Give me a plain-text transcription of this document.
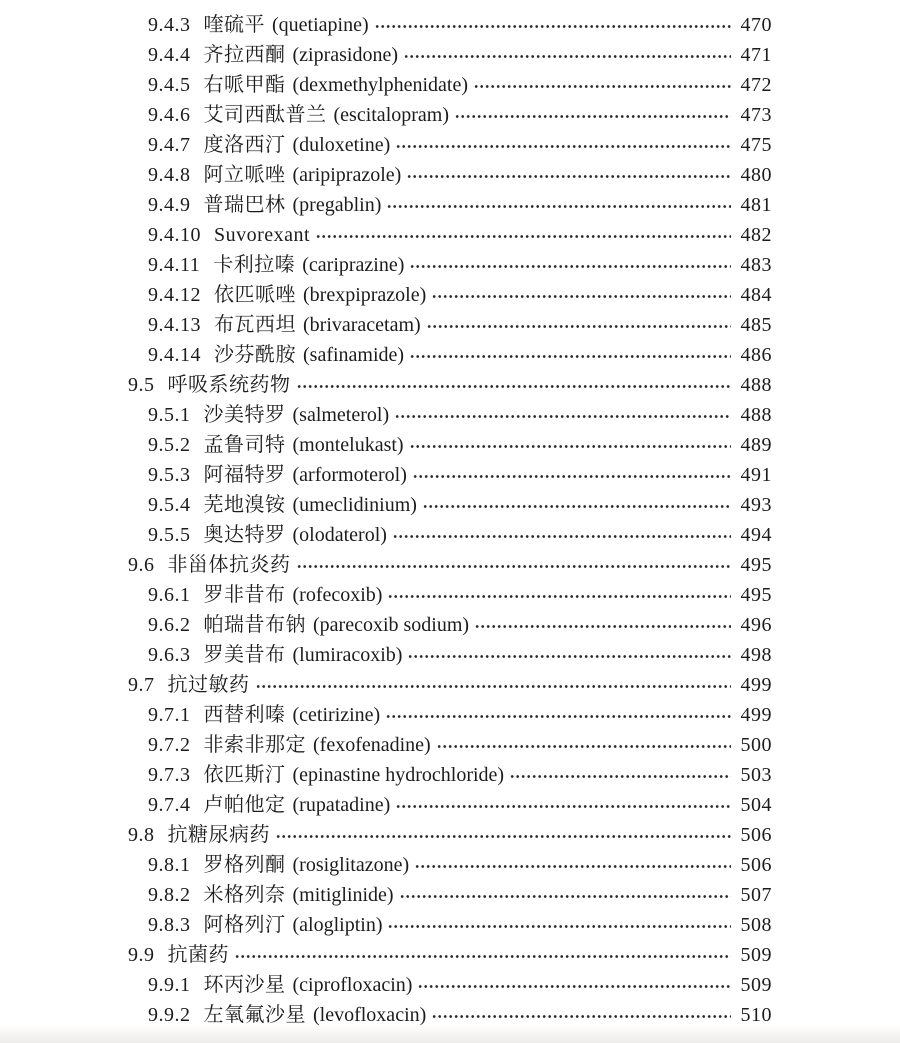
9.4.3 喹硫平 (quetiapine)	470
9.4.4 齐拉西酮 (ziprasidone)	471
9.4.5 右哌甲酯 (dexmethylphenidate)	472
9.4.6 艾司西酞普兰 (escitalopram)	473
9.4.7 度洛西汀 (duloxetine)	475
9.4.8 阿立哌唑 (aripiprazole)	480
9.4.9 普瑞巴林 (pregablin)	481
9.4.10 Suvorexant	482
9.4.11 卡利拉嗪 (cariprazine)	483
9.4.12 依匹哌唑 (brexpiprazole)	484
9.4.13 布瓦西坦 (brivaracetam)	485
9.4.14 沙芬酰胺 (safinamide)	486
9.5 呼吸系统药物	488
9.5.1 沙美特罗 (salmeterol)	488
9.5.2 孟鲁司特 (montelukast)	489
9.5.3 阿福特罗 (arformoterol)	491
9.5.4 芜地溴铵 (umeclidinium)	493
9.5.5 奥达特罗 (olodaterol)	494
9.6 非甾体抗炎药	495
9.6.1 罗非昔布 (rofecoxib)	495
9.6.2 帕瑞昔布钠 (parecoxib sodium)	496
9.6.3 罗美昔布 (lumiracoxib)	498
9.7 抗过敏药	499
9.7.1 西替利嗪 (cetirizine)	499
9.7.2 非索非那定 (fexofenadine)	500
9.7.3 依匹斯汀 (epinastine hydrochloride)	503
9.7.4 卢帕他定 (rupatadine)	504
9.8 抗糖尿病药	506
9.8.1 罗格列酮 (rosiglitazone)	506
9.8.2 米格列奈 (mitiglinide)	507
9.8.3 阿格列汀 (alogliptin)	508
9.9 抗菌药	509
9.9.1 环丙沙星 (ciprofloxacin)	509
9.9.2 左氧氟沙星 (levofloxacin)	510
